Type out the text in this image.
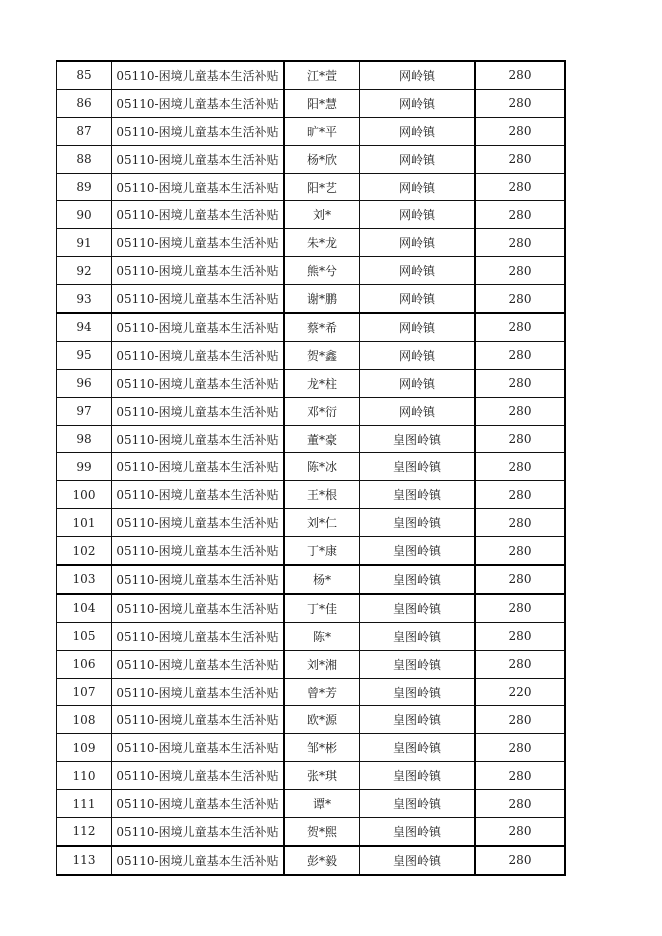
85	05110-困境儿童基本生活补贴	江*萱	网岭镇	280
86	05110-困境儿童基本生活补贴	阳*慧	网岭镇	280
87	05110-困境儿童基本生活补贴	旷*平	网岭镇	280
88	05110-困境儿童基本生活补贴	杨*欣	网岭镇	280
89	05110-困境儿童基本生活补贴	阳*艺	网岭镇	280
90	05110-困境儿童基本生活补贴	刘*	网岭镇	280
91	05110-困境儿童基本生活补贴	朱*龙	网岭镇	280
92	05110-困境儿童基本生活补贴	熊*兮	网岭镇	280
93	05110-困境儿童基本生活补贴	谢*鹏	网岭镇	280
94	05110-困境儿童基本生活补贴	蔡*希	网岭镇	280
95	05110-困境儿童基本生活补贴	贺*鑫	网岭镇	280
96	05110-困境儿童基本生活补贴	龙*柱	网岭镇	280
97	05110-困境儿童基本生活补贴	邓*衍	网岭镇	280
98	05110-困境儿童基本生活补贴	董*豪	皇图岭镇	280
99	05110-困境儿童基本生活补贴	陈*冰	皇图岭镇	280
100	05110-困境儿童基本生活补贴	王*根	皇图岭镇	280
101	05110-困境儿童基本生活补贴	刘*仁	皇图岭镇	280
102	05110-困境儿童基本生活补贴	丁*康	皇图岭镇	280
103	05110-困境儿童基本生活补贴	杨*	皇图岭镇	280
104	05110-困境儿童基本生活补贴	丁*佳	皇图岭镇	280
105	05110-困境儿童基本生活补贴	陈*	皇图岭镇	280
106	05110-困境儿童基本生活补贴	刘*湘	皇图岭镇	280
107	05110-困境儿童基本生活补贴	曾*芳	皇图岭镇	220
108	05110-困境儿童基本生活补贴	欧*源	皇图岭镇	280
109	05110-困境儿童基本生活补贴	邹*彬	皇图岭镇	280
110	05110-困境儿童基本生活补贴	张*琪	皇图岭镇	280
111	05110-困境儿童基本生活补贴	谭*	皇图岭镇	280
112	05110-困境儿童基本生活补贴	贺*熙	皇图岭镇	280
113	05110-困境儿童基本生活补贴	彭*毅	皇图岭镇	280
